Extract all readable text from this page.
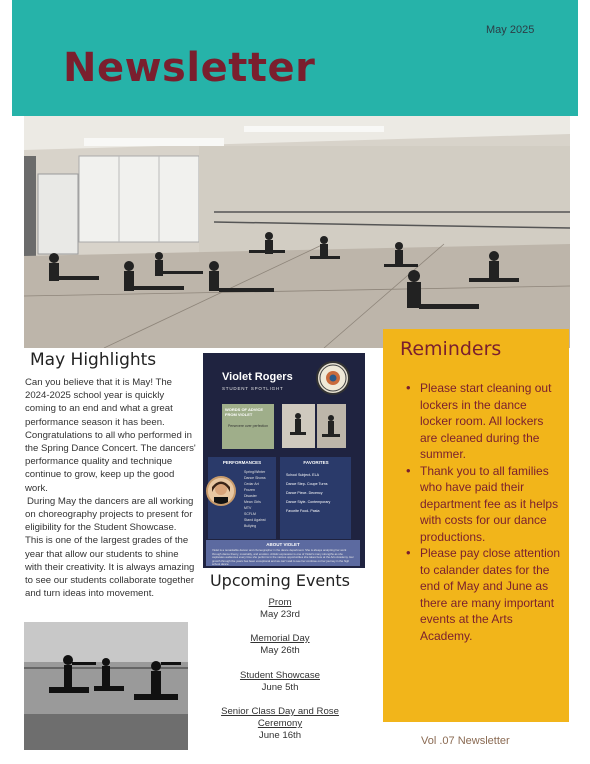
May 2025
Newsletter
May Highlights

Can you believe that it is May! The 2024-2025 school year is quickly coming to an end and what a great performance season it has been. Congratulations to all who performed in the Spring Dance Concert. The dancers' performance quality and technique continue to grow, keep up the good work.

During May the dancers are all working on choreography projects to present for eligibility for the Student Showcase. This is one of the largest grades of the year that allow our students to shine with their creativity. It is always amazing to see our students collaborate together and turn ideas into movement.

Violet Rogers
STUDENT SPOTLIGHT
WORDS OF ADVICE FROM VIOLET
Persevere over perfection
PERFORMANCES
Spring/Winter Dance Shows
Cedar Art
Frozen
Disaster
Mean Girls
MTV
SCFLM
Stand Against Bullying
FAVORITES
School Subject- ELA
Dance Step- Coupe Turns
Dance Piece- Decency
Dance Style- Contemporary
Favorite Food- Pasta
ABOUT VIOLET
Violet is a remarkable dancer and choreographer in the dance department. She is always analyzing her work through dance theory, musicality, and emotion. Artistic expression is one of Violet's many strengths as she captivates audiences every time she performs in the various opportunities she takes here at the Arts Academy. Her growth through the years has been exceptional and we can't wait to see her continue on her journey in the high school dance.
Upcoming Events
Prom
May 23rd
Memorial Day
May 26th
Student Showcase
June 5th
Senior Class Day and Rose Ceremony
June 16th
Reminders
• Please start cleaning out lockers in the dance locker room. All lockers are cleaned during the summer.
• Thank you to all families who have paid their department fee as it helps with costs for our dance productions.
• Please pay close attention to calander dates for the end of May and June as there are many important events at the Arts Academy.
Vol .07 Newsletter
